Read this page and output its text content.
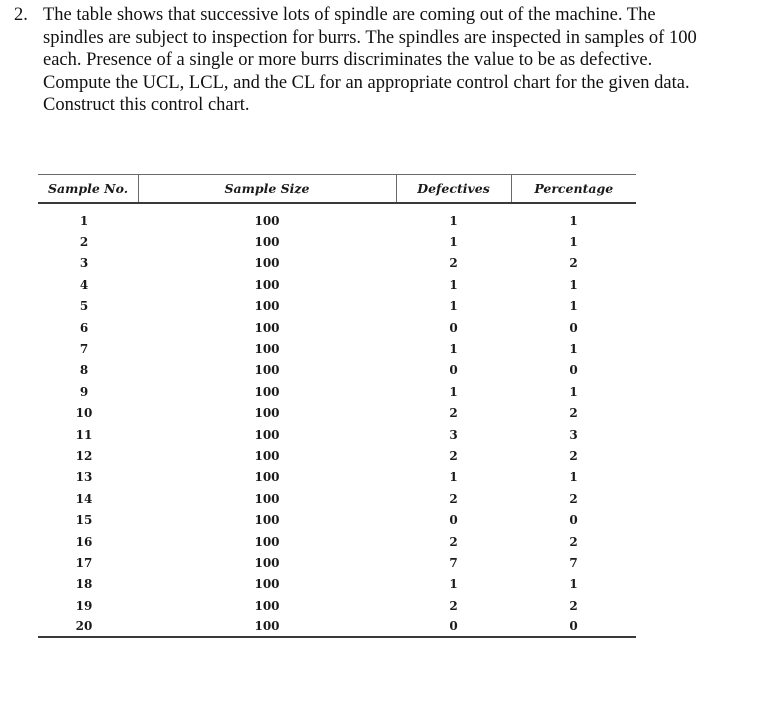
2. The table shows that successive lots of spindle are coming out of the machine. The
spindles are subject to inspection for burrs. The spindles are inspected in samples of 100
each. Presence of a single or more burrs discriminates the value to be as defective.
Compute the UCL, LCL, and the CL for an appropriate control chart for the given data.
Construct this control chart.
Sample No.	Sample Size	Defectives	Percentage
1	100	1	1
2	100	1	1
3	100	2	2
4	100	1	1
5	100	1	1
6	100	0	0
7	100	1	1
8	100	0	0
9	100	1	1
10	100	2	2
11	100	3	3
12	100	2	2
13	100	1	1
14	100	2	2
15	100	0	0
16	100	2	2
17	100	7	7
18	100	1	1
19	100	2	2
20	100	0	0
